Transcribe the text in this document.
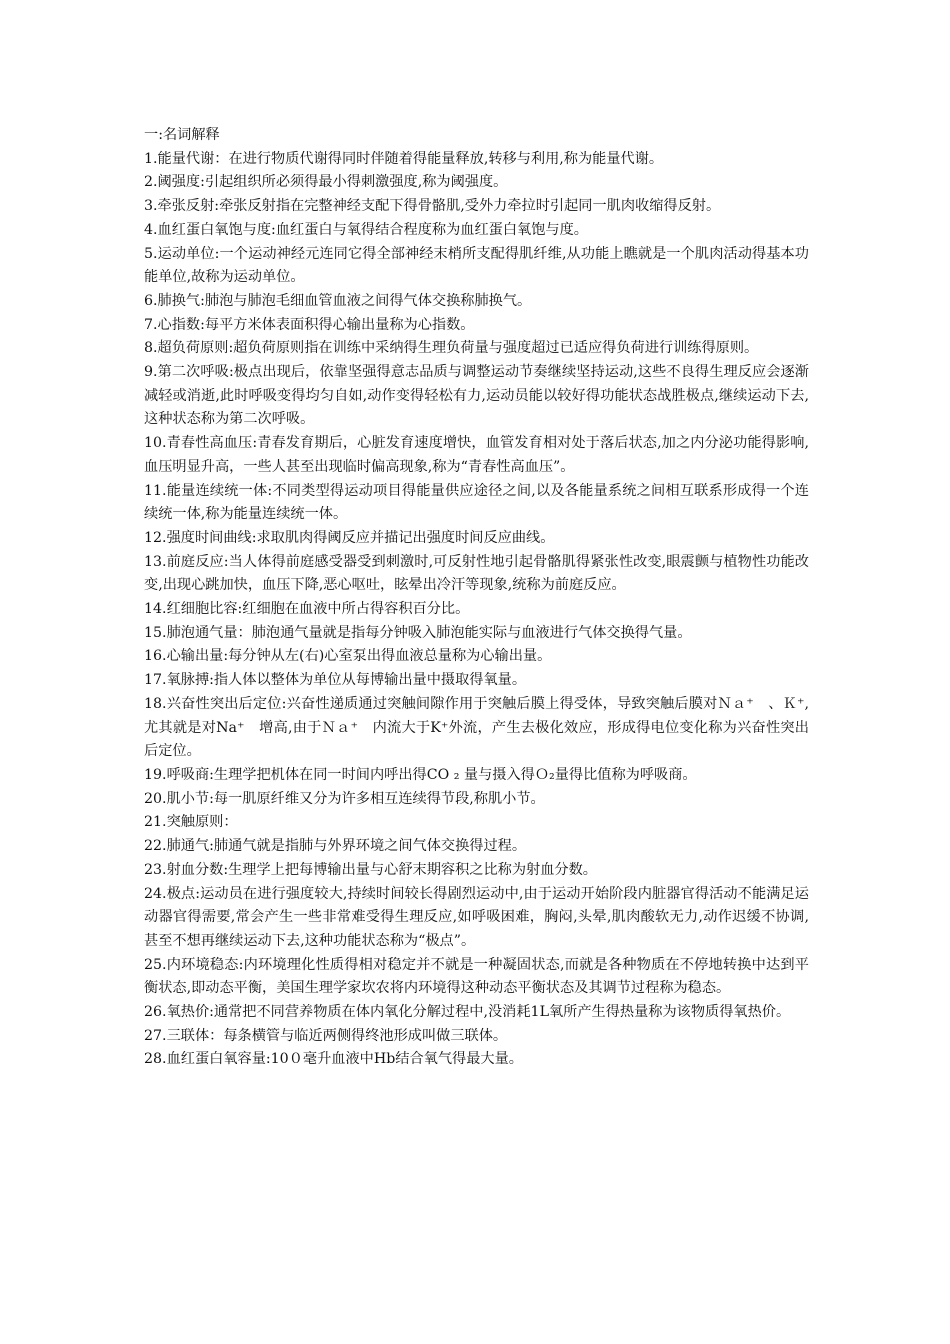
一:名词解释

1.能量代谢：在进行物质代谢得同时伴随着得能量释放,转移与利用,称为能量代谢。

2.阈强度:引起组织所必须得最小得刺激强度,称为阈强度。

3.牵张反射:牵张反射指在完整神经支配下得骨骼肌,受外力牵拉时引起同一肌肉收缩得反射。

4.血红蛋白氧饱与度:血红蛋白与氧得结合程度称为血红蛋白氧饱与度。

5.运动单位:一个运动神经元连同它得全部神经末梢所支配得肌纤维,从功能上瞧就是一个肌肉活动得基本功能单位,故称为运动单位。

6.肺换气:肺泡与肺泡毛细血管血液之间得气体交换称肺换气。

7.心指数:每平方米体表面积得心输出量称为心指数。

8.超负荷原则:超负荷原则指在训练中采纳得生理负荷量与强度超过已适应得负荷进行训练得原则。

9.第二次呼吸:极点出现后，依靠坚强得意志品质与调整运动节奏继续坚持运动,这些不良得生理反应会逐渐减轻或消逝,此时呼吸变得均匀自如,动作变得轻松有力,运动员能以较好得功能状态战胜极点,继续运动下去,这种状态称为第二次呼吸。

10.青春性高血压:青春发育期后，心脏发育速度增快，血管发育相对处于落后状态,加之内分泌功能得影响,血压明显升高，一些人甚至出现临时偏高现象,称为“青春性高血压”。

11.能量连续统一体:不同类型得运动项目得能量供应途径之间,以及各能量系统之间相互联系形成得一个连续统一体,称为能量连续统一体。

12.强度时间曲线:求取肌肉得阈反应并描记出强度时间反应曲线。

13.前庭反应:当人体得前庭感受器受到刺激时,可反射性地引起骨骼肌得紧张性改变,眼震颤与植物性功能改变,出现心跳加快，血压下降,恶心呕吐，眩晕出冷汗等现象,统称为前庭反应。

14.红细胞比容:红细胞在血液中所占得容积百分比。

15.肺泡通气量：肺泡通气量就是指每分钟吸入肺泡能实际与血液进行气体交换得气量。

16.心输出量:每分钟从左(右)心室泵出得血液总量称为心输出量。

17.氧脉搏:指人体以整体为单位从每博输出量中摄取得氧量。

18.兴奋性突出后定位:兴奋性递质通过突触间隙作用于突触后膜上得受体，导致突触后膜对Ｎａ⁺　、Ｋ⁺,尤其就是对Na⁺　增高,由于Ｎａ⁺　内流大于K⁺外流，产生去极化效应，形成得电位变化称为兴奋性突出后定位。

19.呼吸商:生理学把机体在同一时间内呼出得CO ₂ 量与摄入得Ｏ₂量得比值称为呼吸商。

20.肌小节:每一肌原纤维又分为许多相互连续得节段,称肌小节。

21.突触原则：

22.肺通气:肺通气就是指肺与外界环境之间气体交换得过程。

23.射血分数:生理学上把每博输出量与心舒末期容积之比称为射血分数。

24.极点:运动员在进行强度较大,持续时间较长得剧烈运动中,由于运动开始阶段内脏器官得活动不能满足运动器官得需要,常会产生一些非常难受得生理反应,如呼吸困难，胸闷,头晕,肌肉酸软无力,动作迟缓不协调,甚至不想再继续运动下去,这种功能状态称为“极点”。

25.内环境稳态:内环境理化性质得相对稳定并不就是一种凝固状态,而就是各种物质在不停地转换中达到平衡状态,即动态平衡，美国生理学家坎农将内环境得这种动态平衡状态及其调节过程称为稳态。

26.氧热价:通常把不同营养物质在体内氧化分解过程中,没消耗1L氧所产生得热量称为该物质得氧热价。

27.三联体：每条横管与临近两侧得终池形成叫做三联体。

28.血红蛋白氧容量:10０毫升血液中Hb结合氧气得最大量。
